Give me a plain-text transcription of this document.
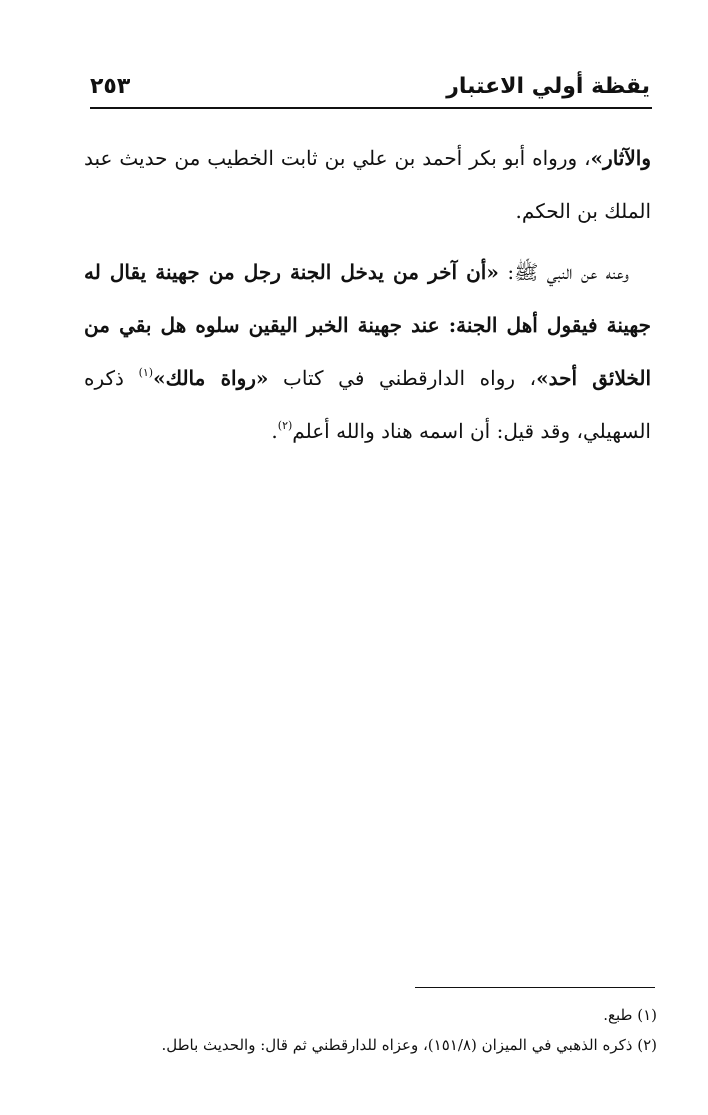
يقظة أولي الاعتبار
٢٥٣

والآثار»، ورواه أبو بكر أحمد بن علي بن ثابت الخطيب من حديث عبد الملك بن الحكم.

وعنه عن النبي ﷺ: «أن آخر من يدخل الجنة رجل من جهينة يقال له جهينة فيقول أهل الجنة: عند جهينة الخبر اليقين سلوه هل بقي من الخلائق أحد»، رواه الدارقطني في كتاب «رواة مالك»$^{(١)}$ ذكره السهيلي، وقد قيل: أن اسمه هناد والله أعلم$^{(٢)}$.

(١) طبع.

(٢) ذكره الذهبي في الميزان (١٥١/٨)، وعزاه للدارقطني ثم قال: والحديث باطل.
